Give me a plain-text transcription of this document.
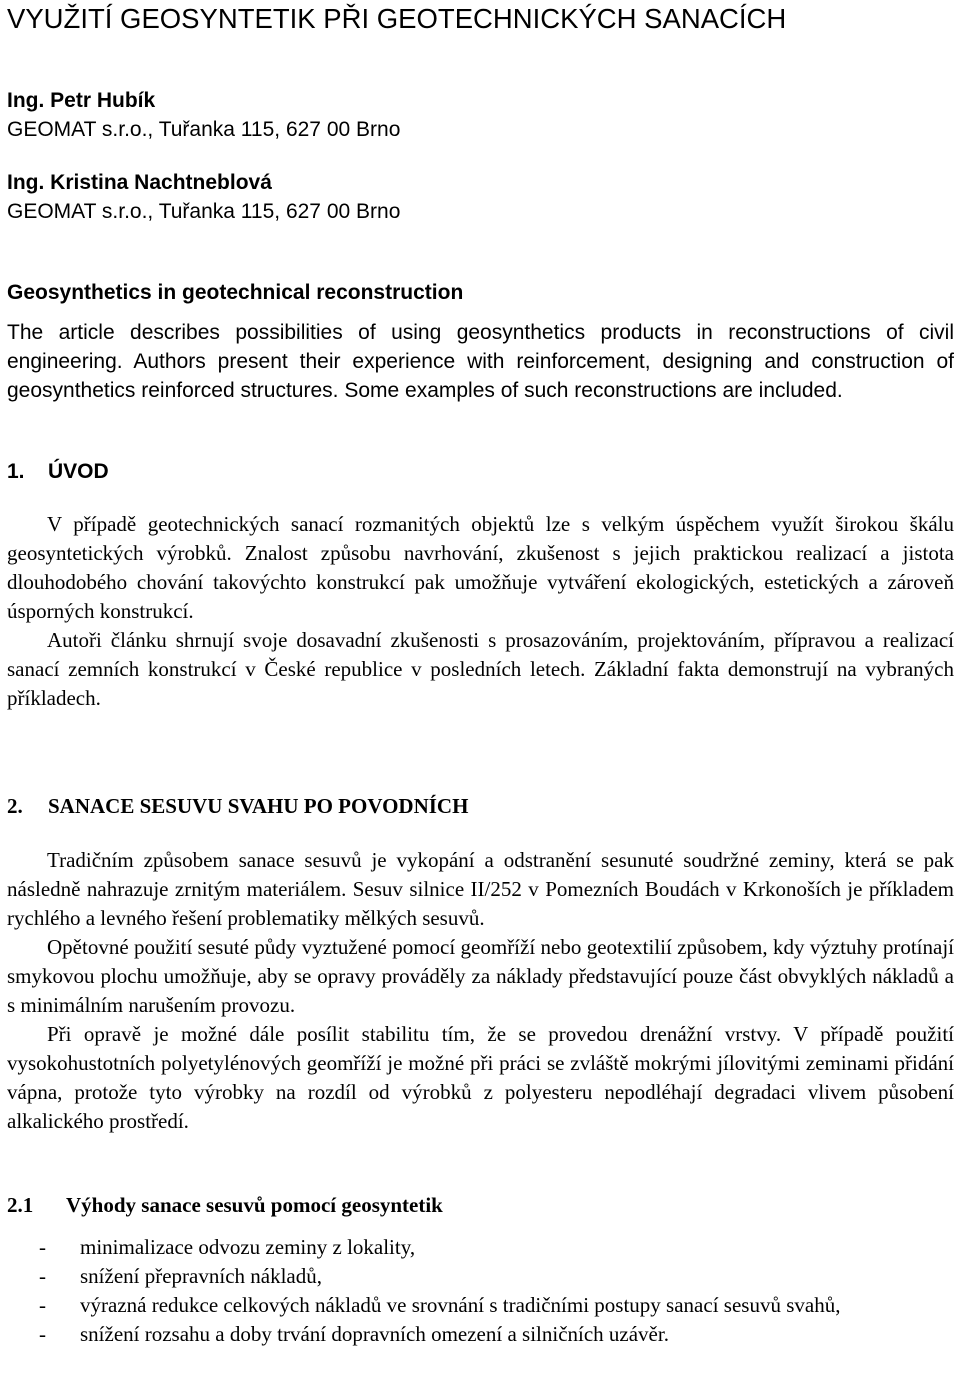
VYUŽITÍ GEOSYNTETIK PŘI GEOTECHNICKÝCH SANACÍCH
Ing. Petr Hubík
GEOMAT s.r.o., Tuřanka 115, 627 00 Brno
Ing. Kristina Nachtneblová
GEOMAT s.r.o., Tuřanka 115, 627 00 Brno
Geosynthetics in geotechnical reconstruction
The article describes possibilities of using geosynthetics products in reconstructions of civil engineering. Authors present their experience with reinforcement, designing and construction of geosynthetics reinforced structures. Some examples of such reconstructions are included.
1. ÚVOD
V případě geotechnických sanací rozmanitých objektů lze s velkým úspěchem využít širokou škálu geosyntetických výrobků. Znalost způsobu navrhování, zkušenost s jejich praktickou realizací a jistota dlouhodobého chování takovýchto konstrukcí pak umožňuje vytváření ekologických, estetických a zároveň úsporných konstrukcí.
Autoři článku shrnují svoje dosavadní zkušenosti s prosazováním, projektováním, přípravou a realizací sanací zemních konstrukcí v České republice v posledních letech. Základní fakta demonstrují na vybraných příkladech.
2. SANACE SESUVU SVAHU PO POVODNÍCH
Tradičním způsobem sanace sesuvů je vykopání a odstranění sesunuté soudržné zeminy, která se pak následně nahrazuje zrnitým materiálem. Sesuv silnice II/252 v Pomezních Boudách v Krkonoších je příkladem rychlého a levného řešení problematiky mělkých sesuvů.
Opětovné použití sesuté půdy vyztužené pomocí geomříží nebo geotextilií způsobem, kdy výztuhy protínají smykovou plochu umožňuje, aby se opravy prováděly za náklady představující pouze část obvyklých nákladů a s minimálním narušením provozu.
Při opravě je možné dále posílit stabilitu tím, že se provedou drenážní vrstvy. V případě použití vysokohustotních polyetylénových geomříží je možné při práci se zvláště mokrými jílovitými zeminami přidání vápna, protože tyto výrobky na rozdíl od výrobků z polyesteru nepodléhají degradaci vlivem působení alkalického prostředí.
2.1 Výhody sanace sesuvů pomocí geosyntetik
- minimalizace odvozu zeminy z lokality,
- snížení přepravních nákladů,
- výrazná redukce celkových nákladů ve srovnání s tradičními postupy sanací sesuvů svahů,
- snížení rozsahu a doby trvání dopravních omezení a silničních uzávěr.
